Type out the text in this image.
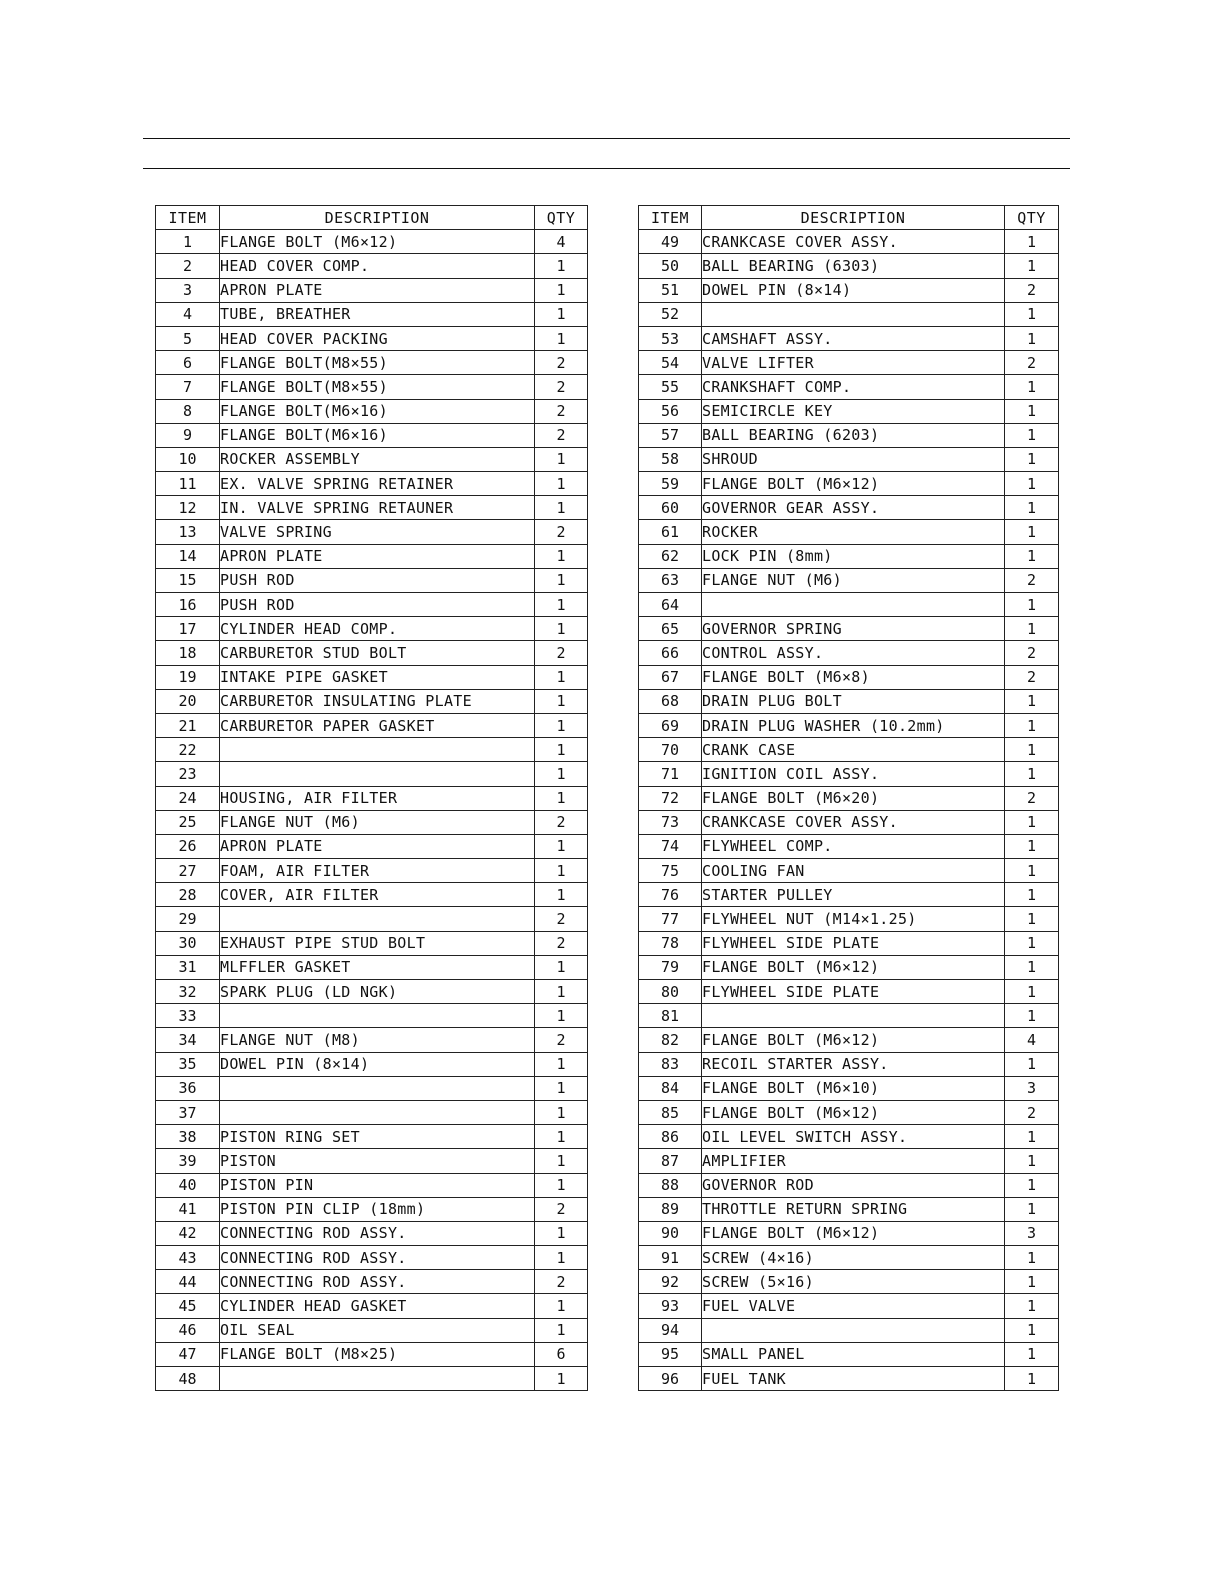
ITEM	DESCRIPTION	QTY
1	FLANGE BOLT (M6×12)	4
2	HEAD COVER COMP.	1
3	APRON PLATE	1
4	TUBE, BREATHER	1
5	HEAD COVER PACKING	1
6	FLANGE BOLT(M8×55)	2
7	FLANGE BOLT(M8×55)	2
8	FLANGE BOLT(M6×16)	2
9	FLANGE BOLT(M6×16)	2
10	ROCKER ASSEMBLY	1
11	EX. VALVE SPRING RETAINER	1
12	IN. VALVE SPRING RETAUNER	1
13	VALVE SPRING	2
14	APRON PLATE	1
15	PUSH ROD	1
16	PUSH ROD	1
17	CYLINDER HEAD COMP.	1
18	CARBURETOR STUD BOLT	2
19	INTAKE PIPE GASKET	1
20	CARBURETOR INSULATING PLATE	1
21	CARBURETOR PAPER GASKET	1
22		1
23		1
24	HOUSING, AIR FILTER	1
25	FLANGE NUT (M6)	2
26	APRON PLATE	1
27	FOAM, AIR FILTER	1
28	COVER, AIR FILTER	1
29		2
30	EXHAUST PIPE STUD BOLT	2
31	MLFFLER GASKET	1
32	SPARK PLUG (LD NGK)	1
33		1
34	FLANGE NUT (M8)	2
35	DOWEL PIN (8×14)	1
36		1
37		1
38	PISTON RING SET	1
39	PISTON	1
40	PISTON PIN	1
41	PISTON PIN CLIP (18mm)	2
42	CONNECTING ROD ASSY.	1
43	CONNECTING ROD ASSY.	1
44	CONNECTING ROD ASSY.	2
45	CYLINDER HEAD GASKET	1
46	OIL SEAL	1
47	FLANGE BOLT (M8×25)	6
48		1
ITEM	DESCRIPTION	QTY
49	CRANKCASE COVER ASSY.	1
50	BALL BEARING (6303)	1
51	DOWEL PIN (8×14)	2
52		1
53	CAMSHAFT ASSY.	1
54	VALVE LIFTER	2
55	CRANKSHAFT COMP.	1
56	SEMICIRCLE KEY	1
57	BALL BEARING (6203)	1
58	SHROUD	1
59	FLANGE BOLT (M6×12)	1
60	GOVERNOR GEAR ASSY.	1
61	ROCKER	1
62	LOCK PIN (8mm)	1
63	FLANGE NUT (M6)	2
64		1
65	GOVERNOR SPRING	1
66	CONTROL ASSY.	2
67	FLANGE BOLT (M6×8)	2
68	DRAIN PLUG BOLT	1
69	DRAIN PLUG WASHER (10.2mm)	1
70	CRANK CASE	1
71	IGNITION COIL ASSY.	1
72	FLANGE BOLT (M6×20)	2
73	CRANKCASE COVER ASSY.	1
74	FLYWHEEL COMP.	1
75	COOLING FAN	1
76	STARTER PULLEY	1
77	FLYWHEEL NUT (M14×1.25)	1
78	FLYWHEEL SIDE PLATE	1
79	FLANGE BOLT (M6×12)	1
80	FLYWHEEL SIDE PLATE	1
81		1
82	FLANGE BOLT (M6×12)	4
83	RECOIL STARTER ASSY.	1
84	FLANGE BOLT (M6×10)	3
85	FLANGE BOLT (M6×12)	2
86	OIL LEVEL SWITCH ASSY.	1
87	AMPLIFIER	1
88	GOVERNOR ROD	1
89	THROTTLE RETURN SPRING	1
90	FLANGE BOLT (M6×12)	3
91	SCREW (4×16)	1
92	SCREW (5×16)	1
93	FUEL VALVE	1
94		1
95	SMALL PANEL	1
96	FUEL TANK	1
